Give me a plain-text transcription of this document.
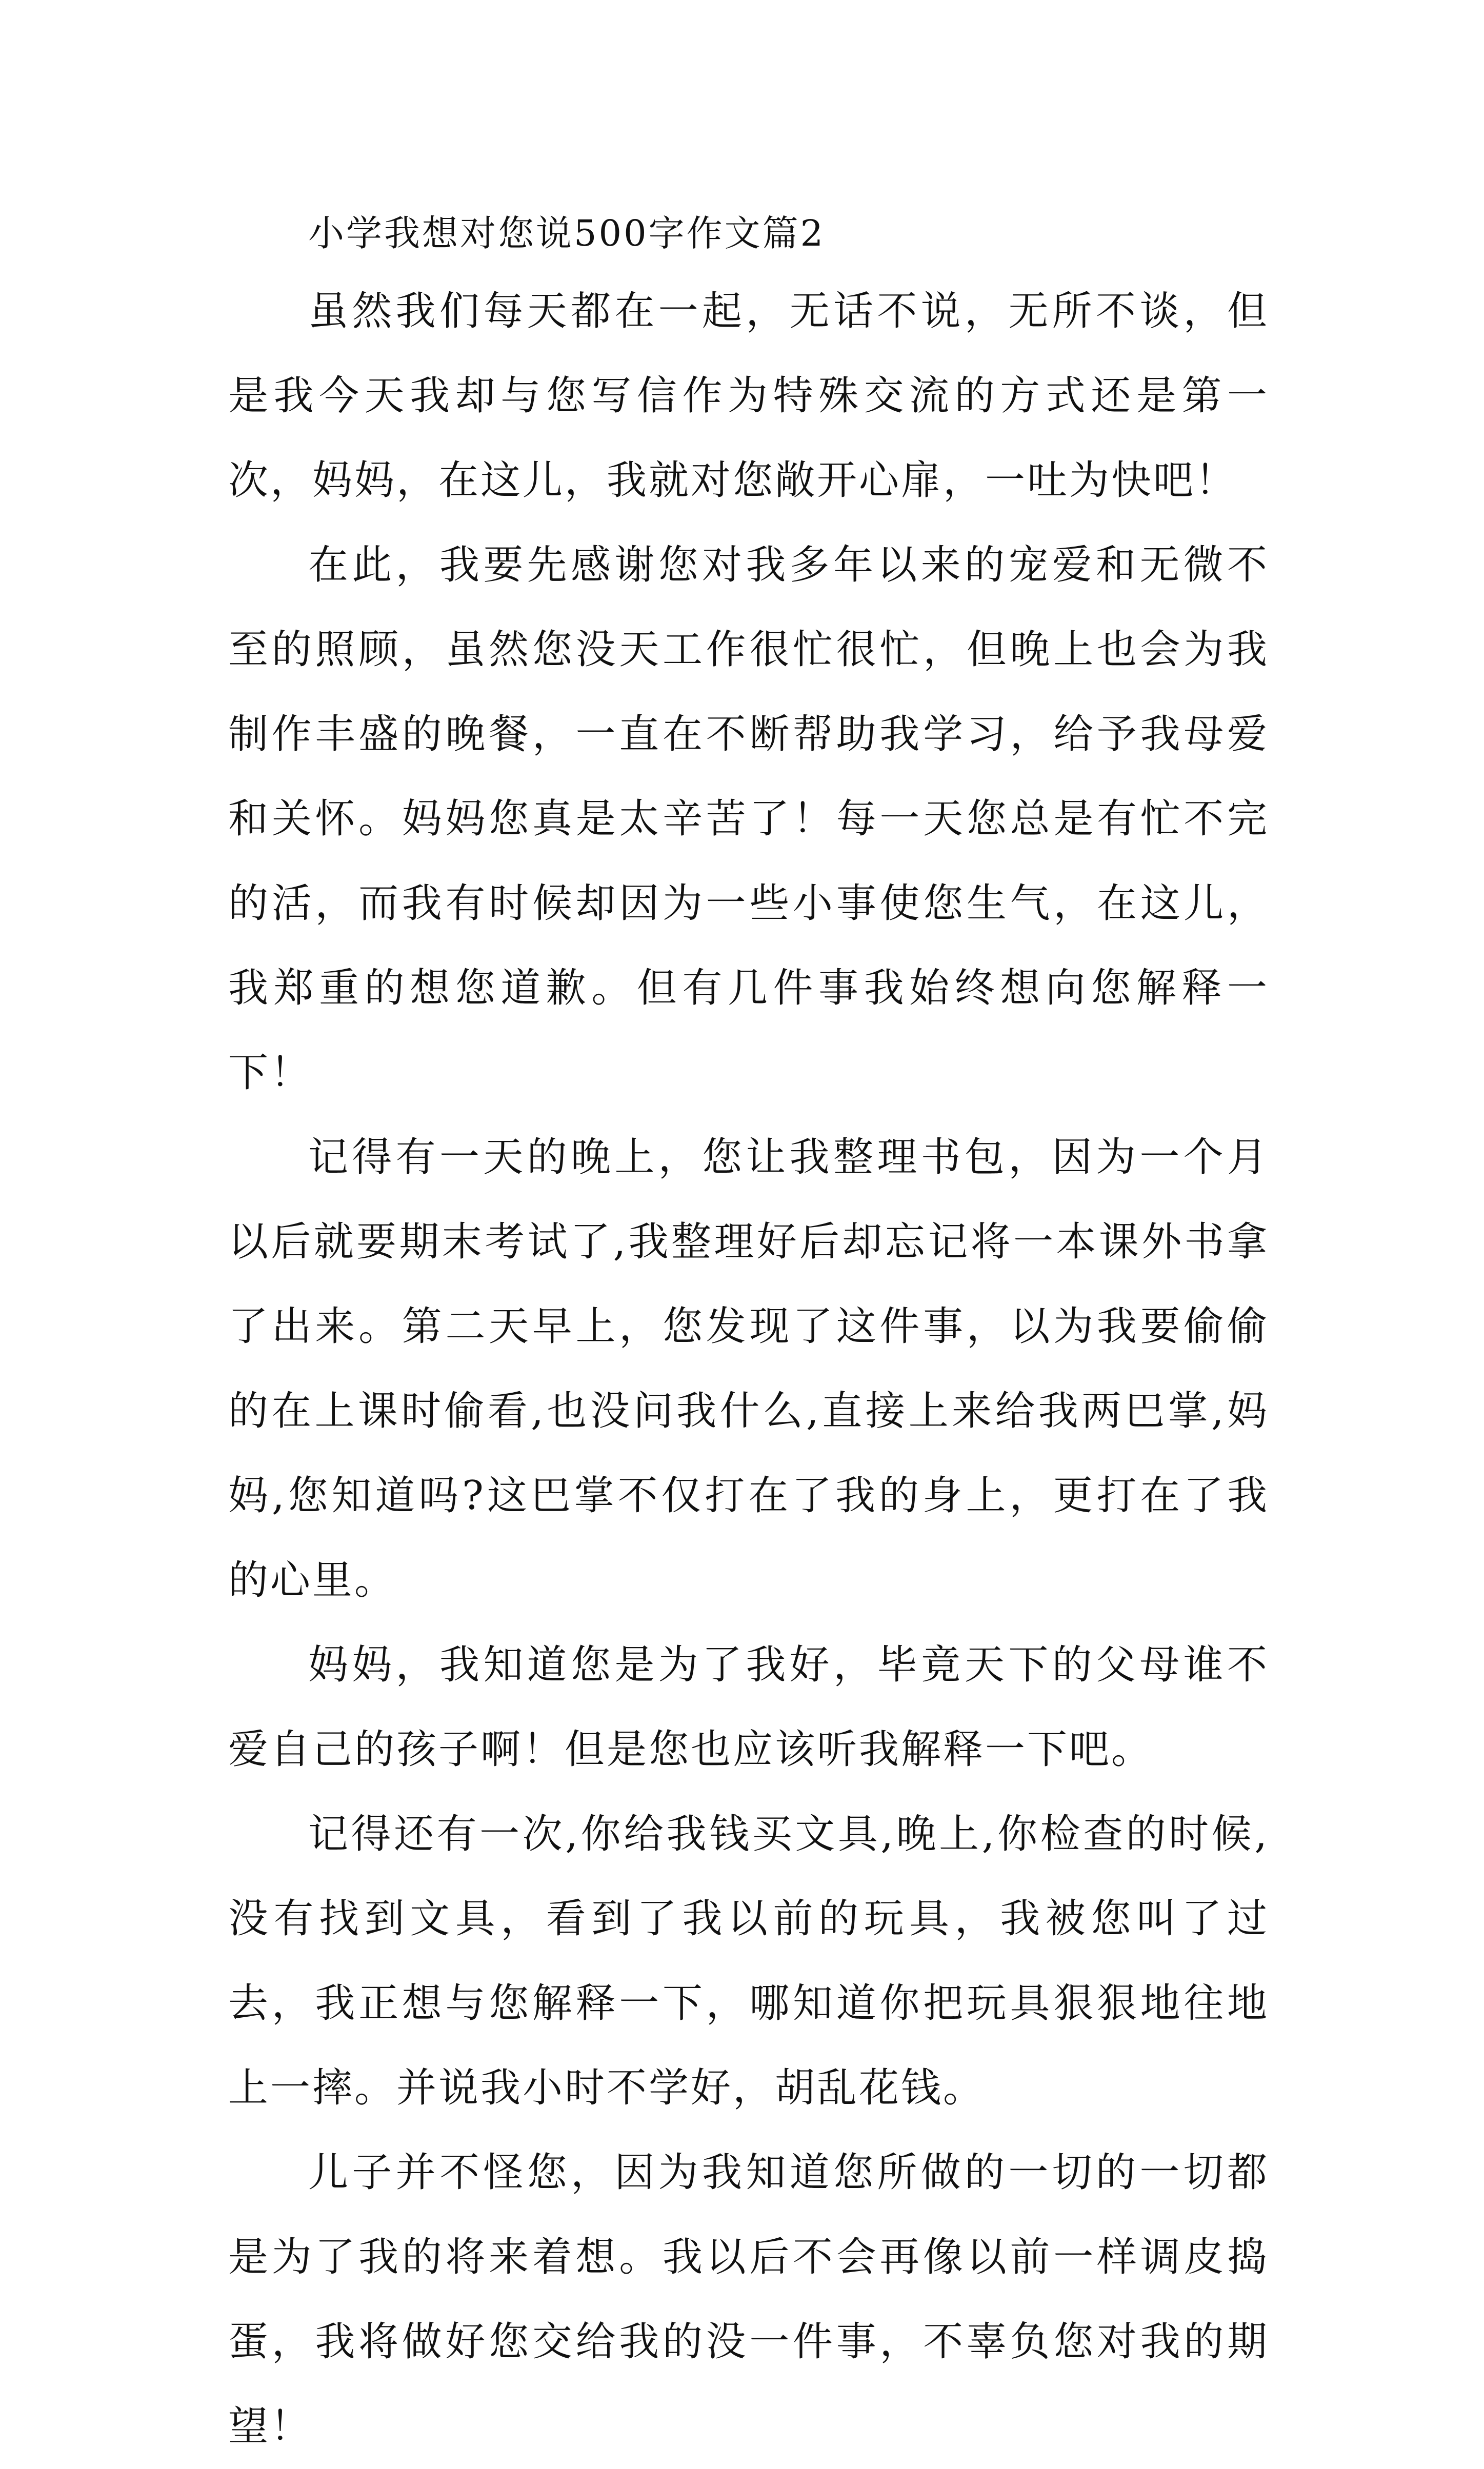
小学我想对您说500字作文篇2

虽然我们每天都在一起，无话不说，无所不谈，但是我今天我却与您写信作为特殊交流的方式还是第一次，妈妈，在这儿，我就对您敞开心扉，一吐为快吧！

在此，我要先感谢您对我多年以来的宠爱和无微不至的照顾，虽然您没天工作很忙很忙，但晚上也会为我制作丰盛的晚餐，一直在不断帮助我学习，给予我母爱和关怀。妈妈您真是太辛苦了！每一天您总是有忙不完的活，而我有时候却因为一些小事使您生气，在这儿，我郑重的想您道歉。但有几件事我始终想向您解释一下！

记得有一天的晚上，您让我整理书包，因为一个月以后就要期末考试了,我整理好后却忘记将一本课外书拿了出来。第二天早上，您发现了这件事，以为我要偷偷的在上课时偷看,也没问我什么,直接上来给我两巴掌,妈妈,您知道吗?这巴掌不仅打在了我的身上，更打在了我的心里。

妈妈，我知道您是为了我好，毕竟天下的父母谁不爱自己的孩子啊！但是您也应该听我解释一下吧。

记得还有一次,你给我钱买文具,晚上,你检查的时候,没有找到文具，看到了我以前的玩具，我被您叫了过去，我正想与您解释一下，哪知道你把玩具狠狠地往地上一摔。并说我小时不学好，胡乱花钱。

儿子并不怪您，因为我知道您所做的一切的一切都是为了我的将来着想。我以后不会再像以前一样调皮捣蛋，我将做好您交给我的没一件事，不辜负您对我的期望！
